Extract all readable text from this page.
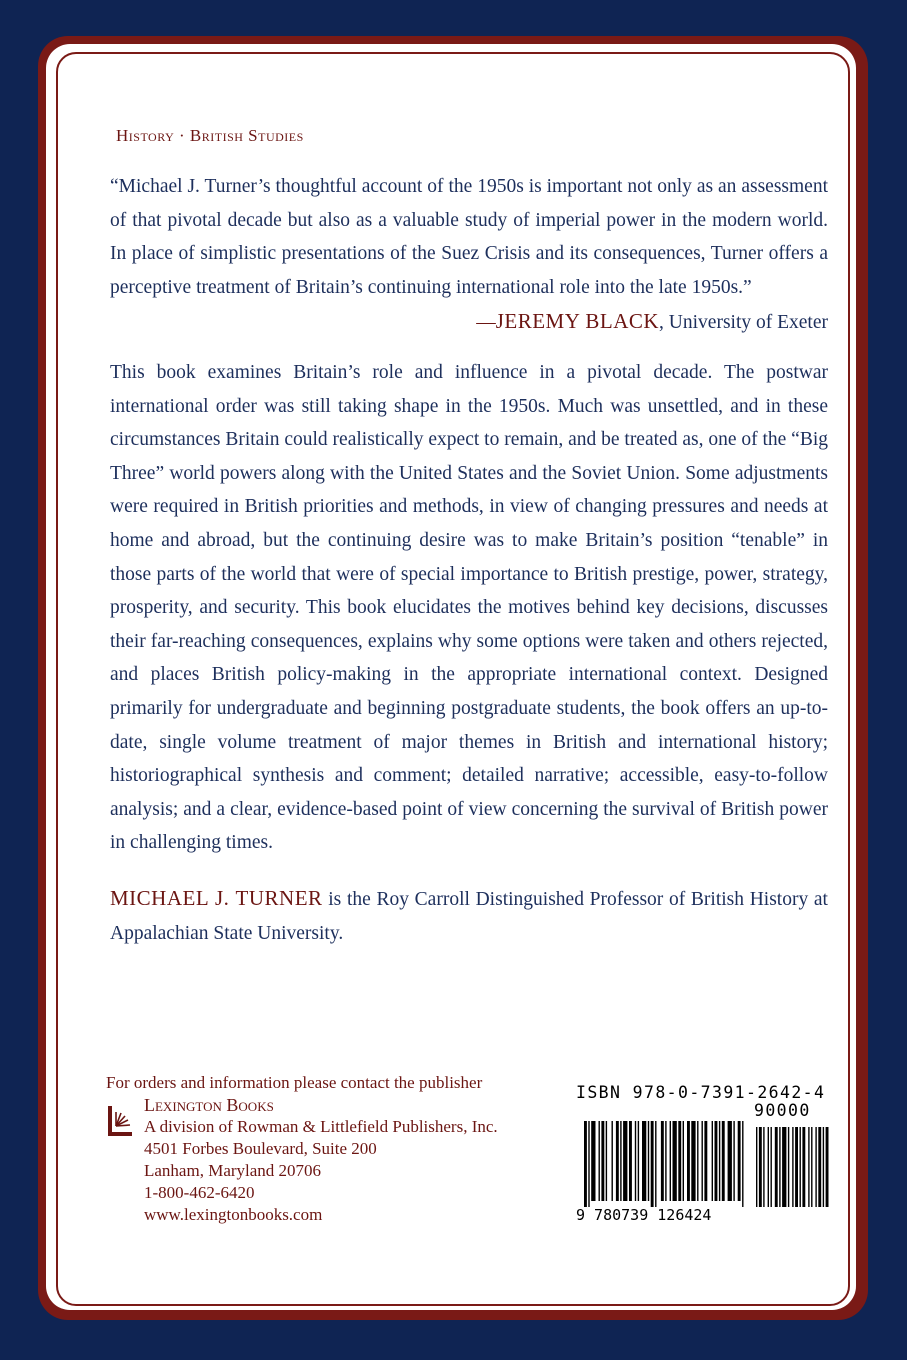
History · British Studies

“Michael J. Turner’s thoughtful account of the 1950s is important not only as an assessment of that pivotal decade but also as a valuable study of imperial power in the modern world. In place of simplistic presentations of the Suez Crisis and its consequences, Turner offers a perceptive treatment of Britain’s continuing international role into the late 1950s.”

—JEREMY BLACK, University of Exeter

This book examines Britain’s role and influence in a pivotal decade. The postwar international order was still taking shape in the 1950s. Much was unsettled, and in these circumstances Britain could realistically expect to remain, and be treated as, one of the “Big Three” world powers along with the United States and the Soviet Union. Some adjustments were required in British priorities and methods, in view of changing pressures and needs at home and abroad, but the continuing desire was to make Britain’s position “tenable” in those parts of the world that were of special importance to British prestige, power, strategy, prosperity, and security. This book elucidates the motives behind key decisions, discusses their far-reaching consequences, explains why some options were taken and others rejected, and places British policy-making in the appropriate international context. Designed primarily for undergraduate and beginning postgraduate students, the book offers an up-to-date, single volume treatment of major themes in British and international history; historiographical synthesis and comment; detailed narrative; accessible, easy-to-follow analysis; and a clear, evidence-based point of view concerning the survival of British power in challenging times.

MICHAEL J. TURNER is the Roy Carroll Distinguished Professor of British History at Appalachian State University.

For orders and information please contact the publisher
Lexington Books
A division of Rowman & Littlefield Publishers, Inc.
4501 Forbes Boulevard, Suite 200
Lanham, Maryland 20706
1-800-462-6420
www.lexingtonbooks.com
ISBN 978-0-7391-2642-4
90000
9 780739 126424
